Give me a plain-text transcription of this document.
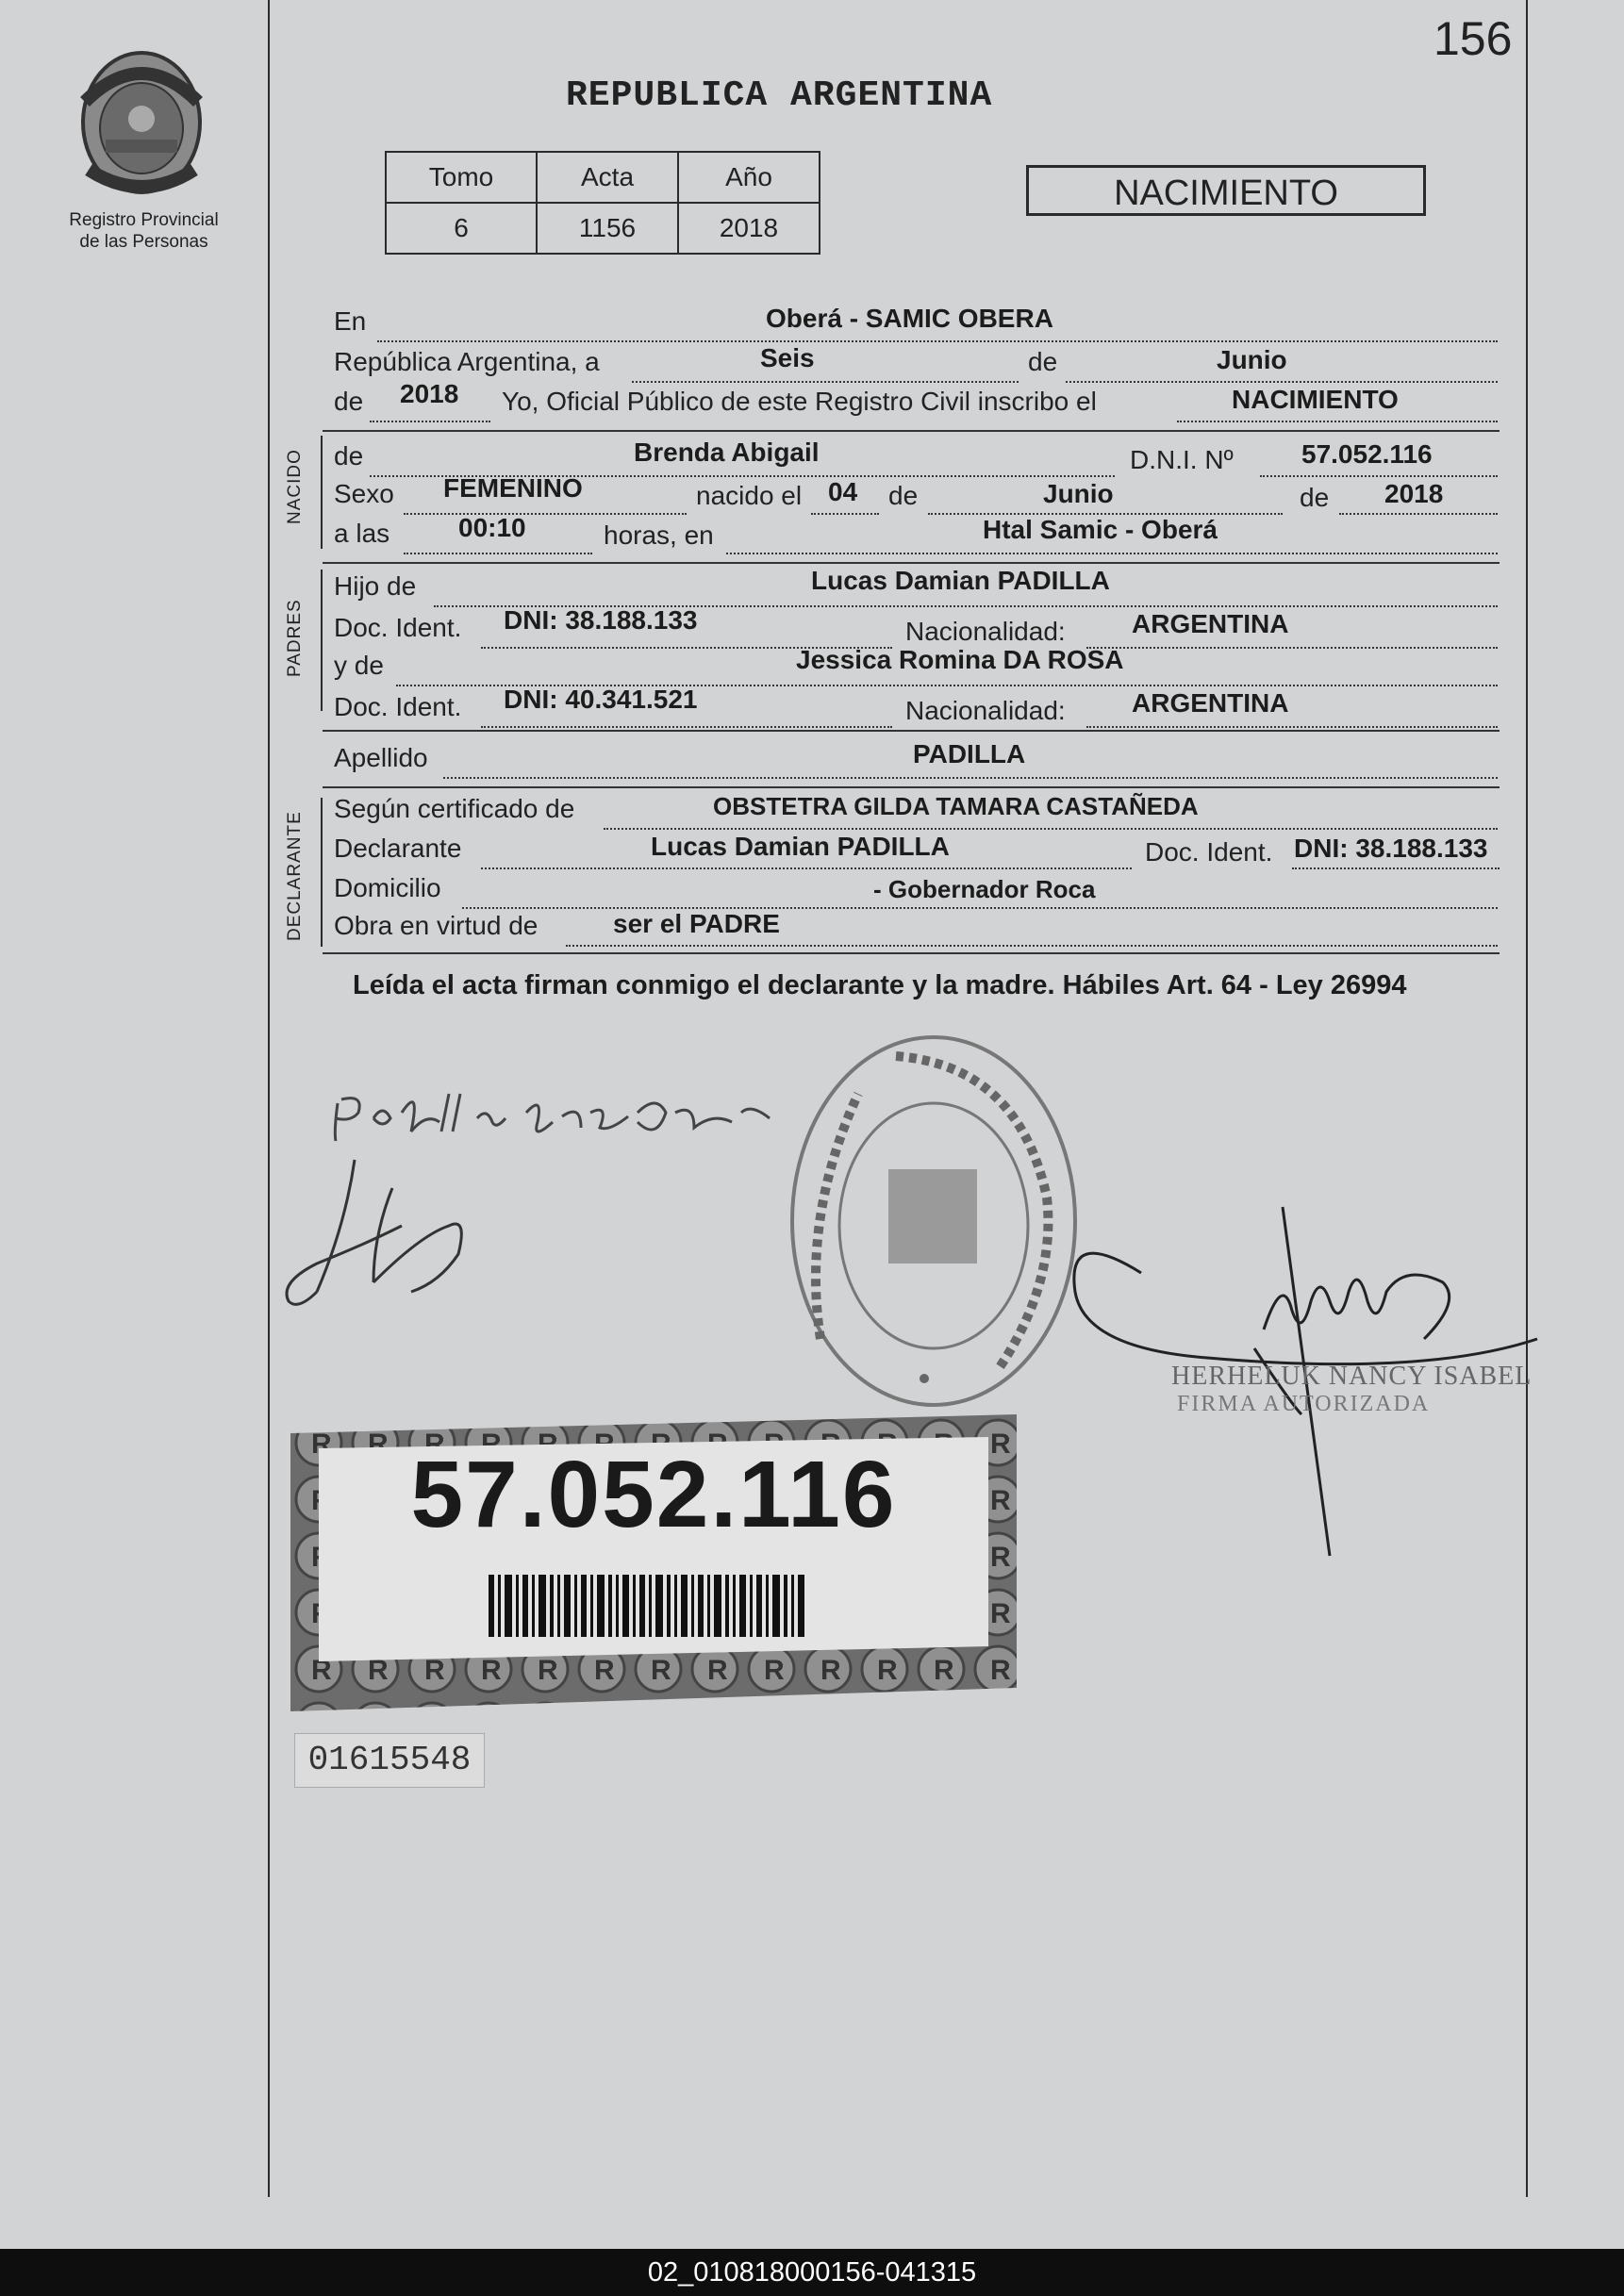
Registro Provincial
de las Personas
156
REPUBLICA ARGENTINA
Tomo	Acta	Año
6	1156	2018
NACIMIENTO
En	Oberá - SAMIC OBERA
República Argentina, a	Seis	de	Junio
de 2018 Yo, Oficial Público de este Registro Civil inscribo el	NACIMIENTO
NACIDO de	Brenda Abigail	D.N.I. Nº	57.052.116
Sexo FEMENINO	nacido el 04 de	Junio	de 2018
a las	00:10	horas, en	Htal Samic - Oberá
PADRES
Hijo de	Lucas Damian PADILLA
Doc. Ident. DNI: 38.188.133	Nacionalidad:	ARGENTINA
y de	Jessica Romina DA ROSA
Doc. Ident. DNI: 40.341.521	Nacionalidad:	ARGENTINA
Apellido	PADILLA
DECLARANTE
Según certificado de	OBSTETRA GILDA TAMARA CASTAÑEDA
Declarante	Lucas Damian PADILLA	Doc. Ident. DNI: 38.188.133
Domicilio	- Gobernador Roca
Obra en virtud de	ser el PADRE
Leída el acta firman conmigo el declarante y la madre. Hábiles Art. 64 - Ley 26994
HERHELUK NANCY ISABEL
FIRMA AUTORIZADA
57.052.116
01615548
02_010818000156-041315
